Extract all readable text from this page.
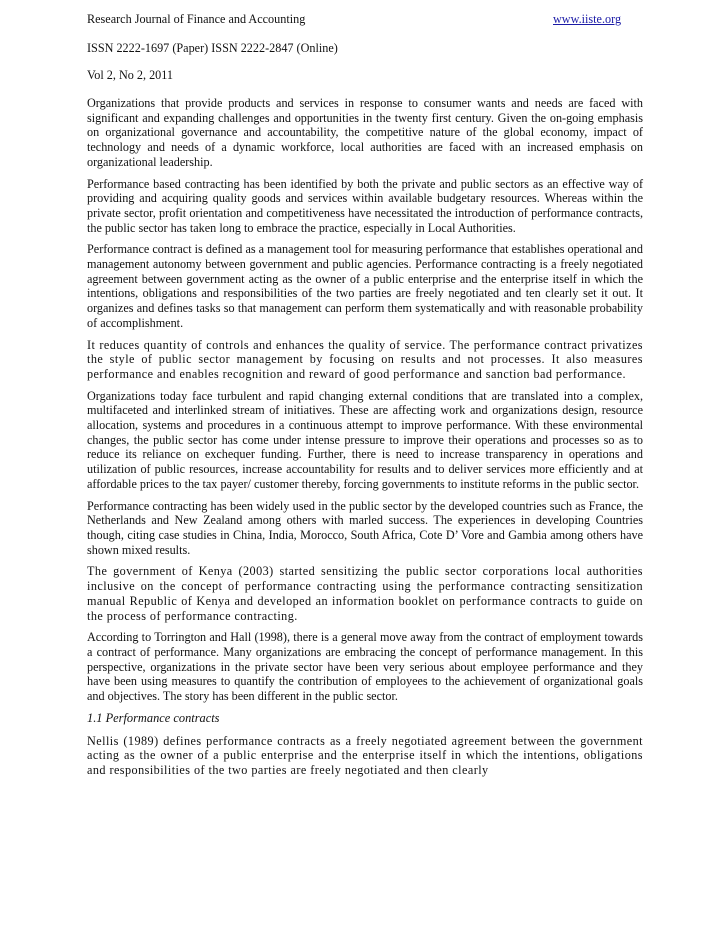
Research Journal of Finance and Accounting	www.iiste.org

ISSN 2222-1697 (Paper) ISSN 2222-2847 (Online)

Vol 2, No 2, 2011

Organizations that provide products and services in response to consumer wants and needs are faced with significant and expanding challenges and opportunities in the twenty first century. Given the on-going emphasis on organizational governance and accountability, the competitive nature of the global economy, impact of technology and needs of a dynamic workforce, local authorities are faced with an increased emphasis on organizational leadership.

Performance based contracting has been identified by both the private and public sectors as an effective way of providing and acquiring quality goods and services within available budgetary resources. Whereas within the private sector, profit orientation and competitiveness have necessitated the introduction of performance contracts, the public sector has taken long to embrace the practice, especially in Local Authorities.

Performance contract is defined as a management tool for measuring performance that establishes operational and management autonomy between government and public agencies. Performance contracting is a freely negotiated agreement between government acting as the owner of a public enterprise and the enterprise itself in which the intentions, obligations and responsibilities of the two parties are freely negotiated and ten clearly set it out. It organizes and defines tasks so that management can perform them systematically and with reasonable probability of accomplishment.

It reduces quantity of controls and enhances the quality of service. The performance contract privatizes the style of public sector management by focusing on results and not processes. It also measures performance and enables recognition and reward of good performance and sanction bad performance.

Organizations today face turbulent and rapid changing external conditions that are translated into a complex, multifaceted and interlinked stream of initiatives. These are affecting work and organizations design, resource allocation, systems and procedures in a continuous attempt to improve performance. With these environmental changes, the public sector has come under intense pressure to improve their operations and processes so as to reduce its reliance on exchequer funding. Further, there is need to increase transparency in operations and utilization of public resources, increase accountability for results and to deliver services more efficiently and at affordable prices to the tax payer/ customer thereby, forcing governments to institute reforms in the public sector.

Performance contracting has been widely used in the public sector by the developed countries such as France, the Netherlands and New Zealand among others with marled success. The experiences in developing Countries though, citing case studies in China, India, Morocco, South Africa, Cote D’ Vore and Gambia among others have shown mixed results.

The government of Kenya (2003) started sensitizing the public sector corporations local authorities inclusive on the concept of performance contracting using the performance contracting sensitization manual Republic of Kenya and developed an information booklet on performance contracts to guide on the process of performance contracting.

According to Torrington and Hall (1998), there is a general move away from the contract of employment towards a contract of performance. Many organizations are embracing the concept of performance management. In this perspective, organizations in the private sector have been very serious about employee performance and they have been using measures to quantify the contribution of employees to the achievement of organizational goals and objectives. The story has been different in the public sector.

1.1 Performance contracts

Nellis (1989) defines performance contracts as a freely negotiated agreement between the government acting as the owner of a public enterprise and the enterprise itself in which the intentions, obligations and responsibilities of the two parties are freely negotiated and then clearly
